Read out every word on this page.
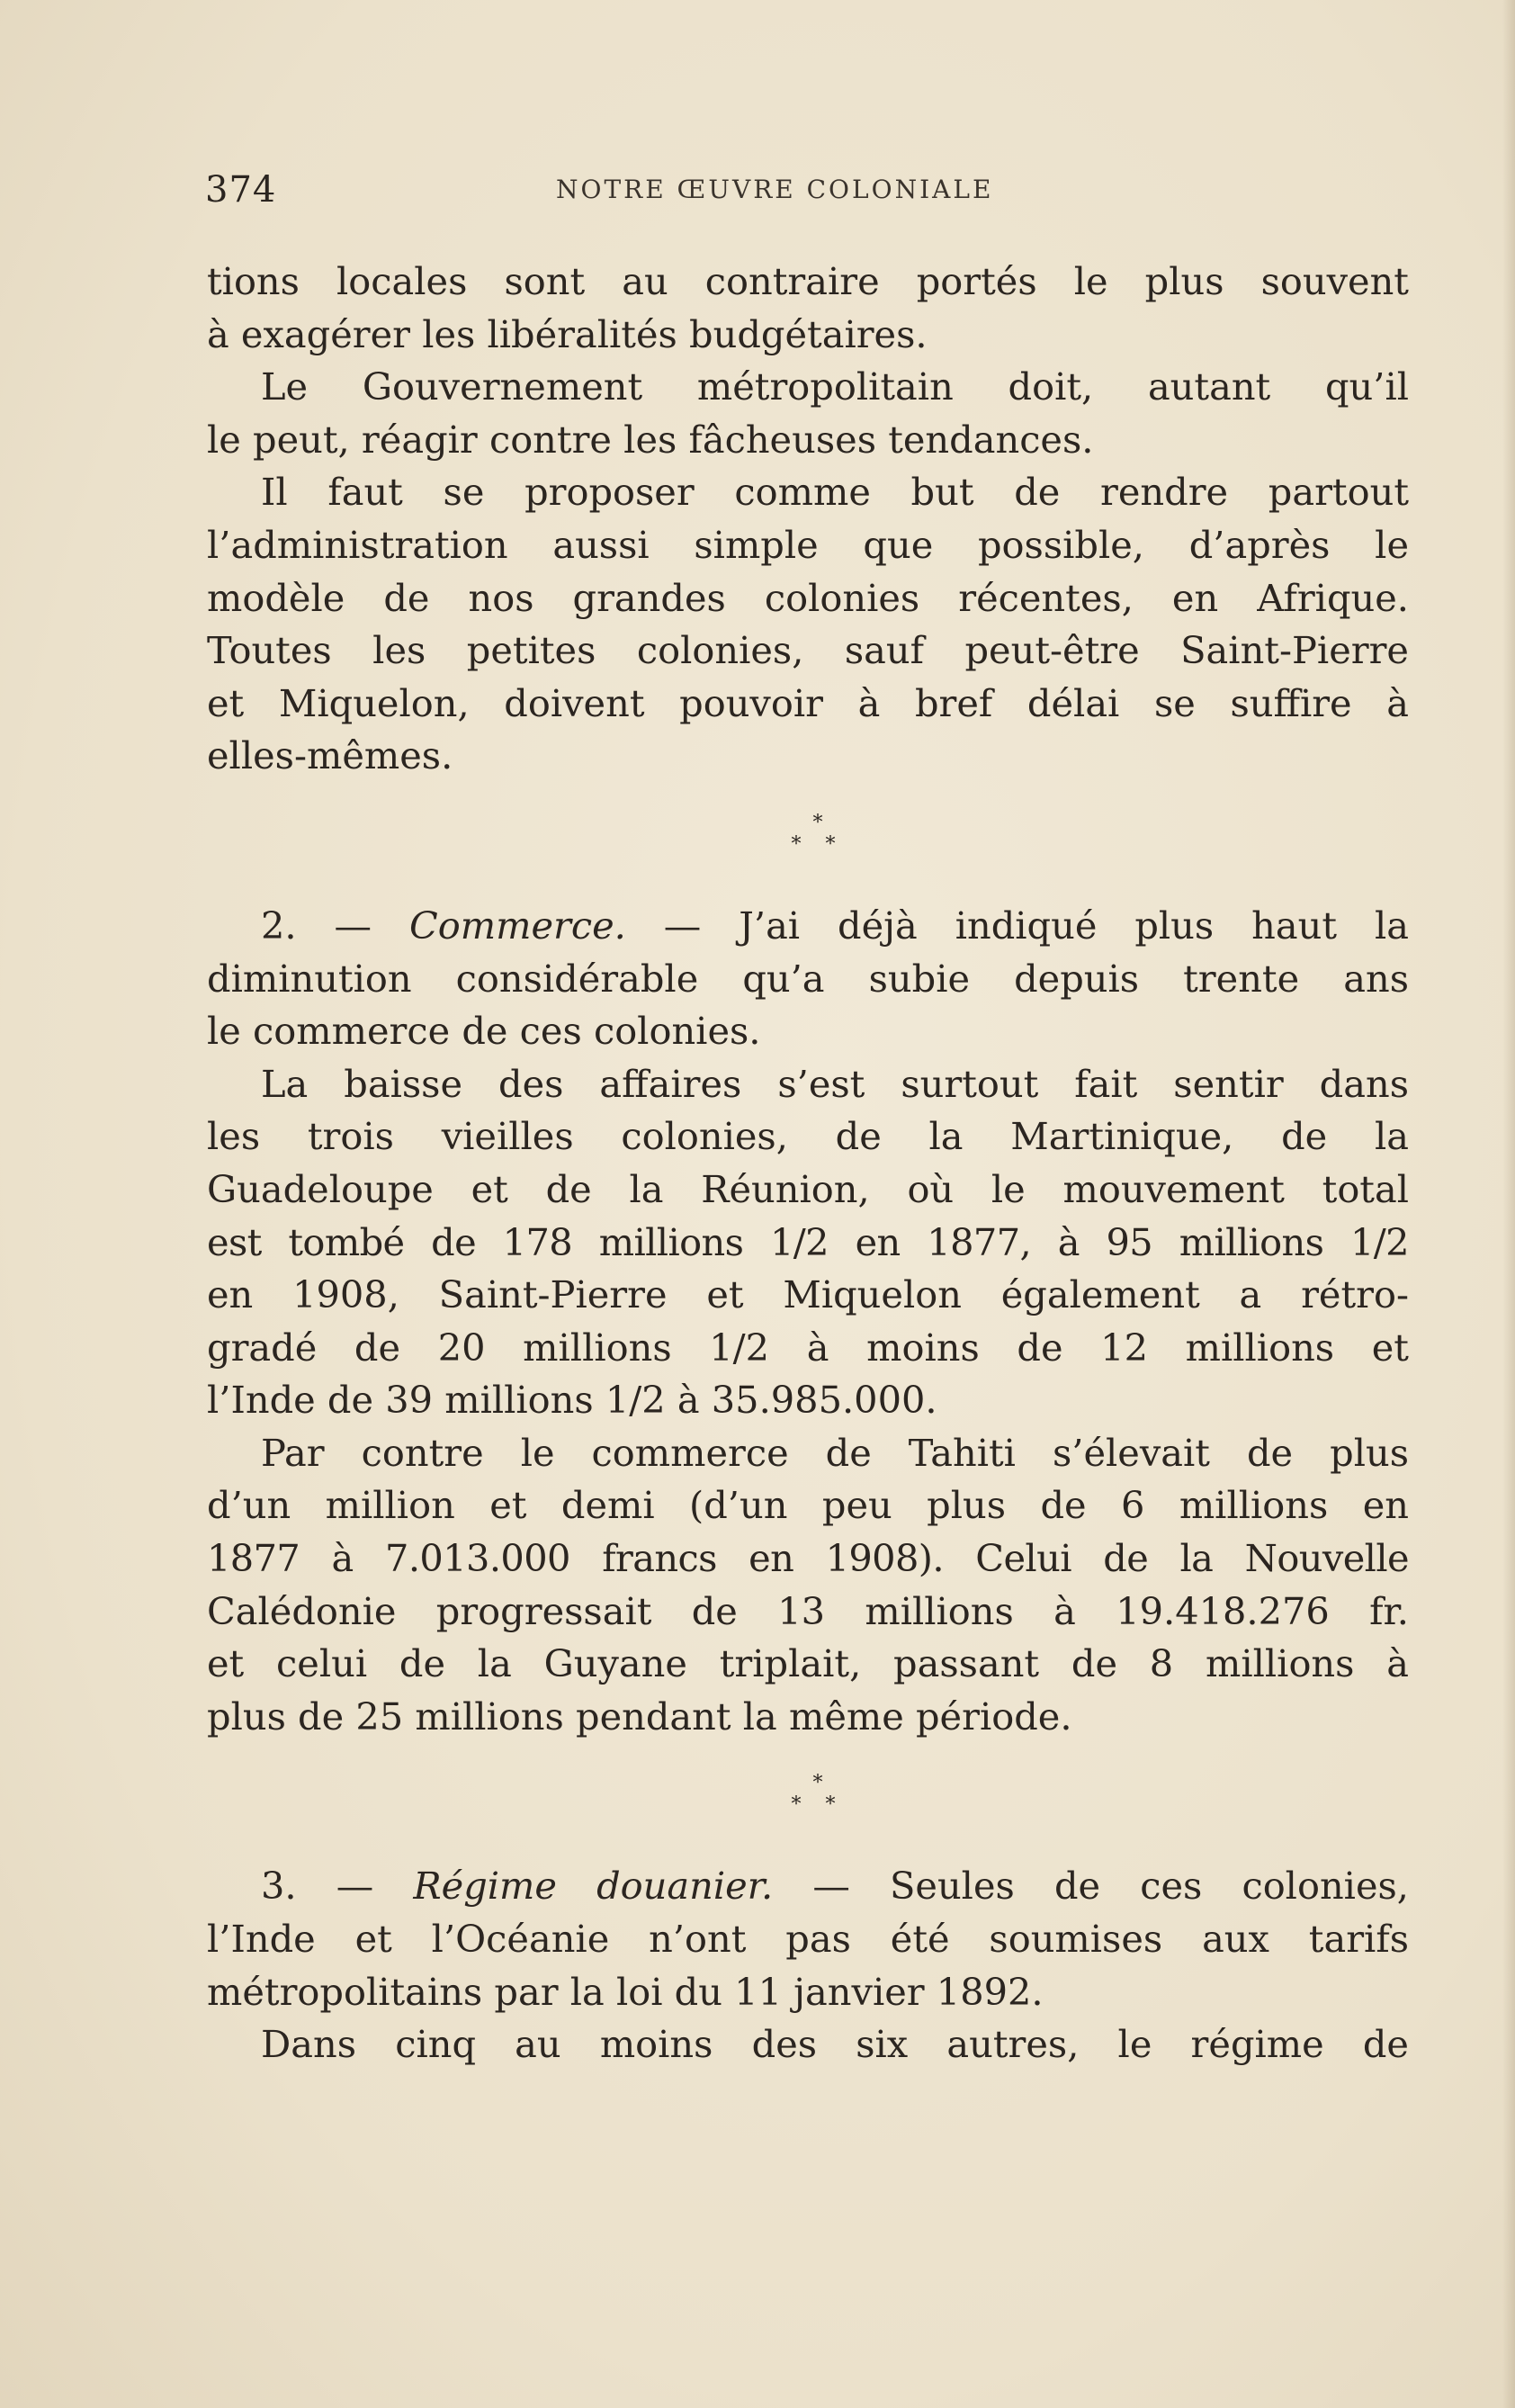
374	NOTRE ŒUVRE COLONIALE
tions locales sont au contraire portés le plus souvent
à exagérer les libéralités budgétaires.
Le Gouvernement métropolitain doit, autant qu’il
le peut, réagir contre les fâcheuses tendances.
Il faut se proposer comme but de rendre partout
l’administration aussi simple que possible, d’après le
modèle de nos grandes colonies récentes, en Afrique.
Toutes les petites colonies, sauf peut-être Saint-Pierre
et Miquelon, doivent pouvoir à bref délai se suffire à
elles-mêmes.
*
* *
2. — Commerce. — J’ai déjà indiqué plus haut la
diminution considérable qu’a subie depuis trente ans
le commerce de ces colonies.
La baisse des affaires s’est surtout fait sentir dans
les trois vieilles colonies, de la Martinique, de la
Guadeloupe et de la Réunion, où le mouvement total
est tombé de 178 millions 1/2 en 1877, à 95 millions 1/2
en 1908, Saint-Pierre et Miquelon également a rétro-
gradé de 20 millions 1/2 à moins de 12 millions et
l’Inde de 39 millions 1/2 à 35.985.000.
Par contre le commerce de Tahiti s’élevait de plus
d’un million et demi (d’un peu plus de 6 millions en
1877 à 7.013.000 francs en 1908). Celui de la Nouvelle
Calédonie progressait de 13 millions à 19.418.276 fr.
et celui de la Guyane triplait, passant de 8 millions à
plus de 25 millions pendant la même période.
*
* *
3. — Régime douanier. — Seules de ces colonies,
l’Inde et l’Océanie n’ont pas été soumises aux tarifs
métropolitains par la loi du 11 janvier 1892.
Dans cinq au moins des six autres, le régime de
